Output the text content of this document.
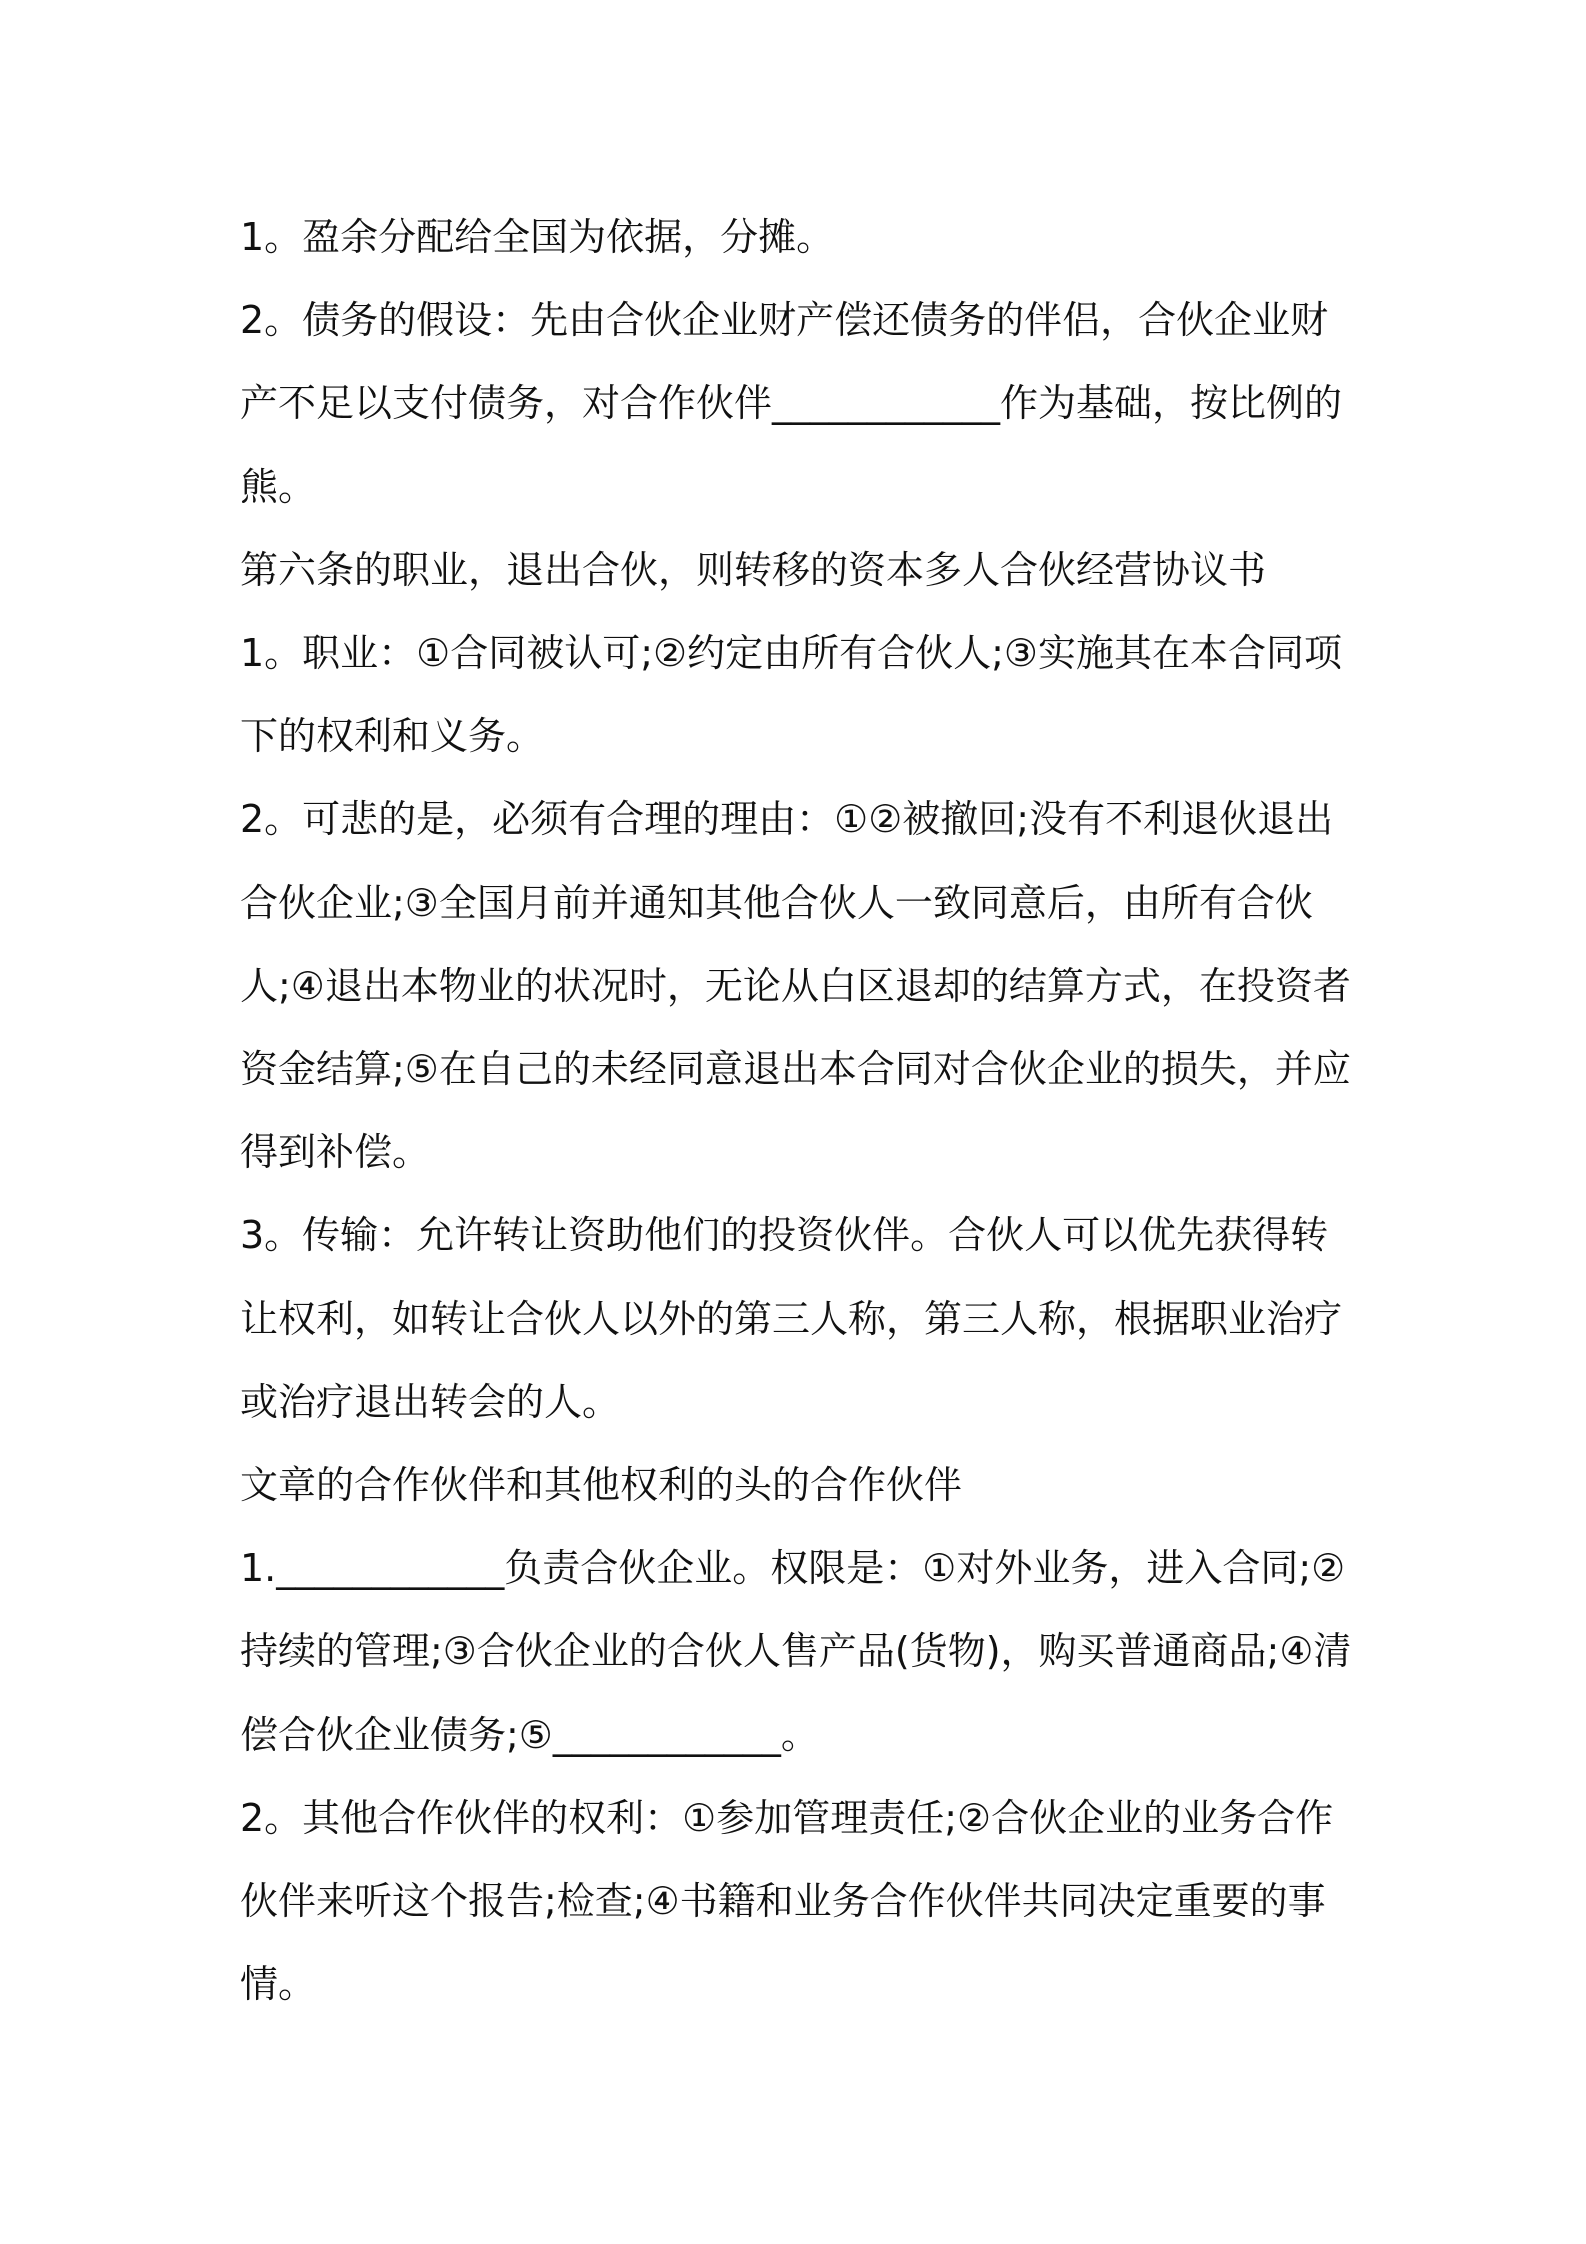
1。盈余分配给全国为依据，分摊。

2。债务的假设：先由合伙企业财产偿还债务的伴侣，合伙企业财产不足以支付债务，对合作伙伴____________作为基础，按比例的熊。

第六条的职业，退出合伙，则转移的资本多人合伙经营协议书

1。职业：①合同被认可;②约定由所有合伙人;③实施其在本合同项下的权利和义务。

2。可悲的是，必须有合理的理由：①②被撤回;没有不利退伙退出合伙企业;③全国月前并通知其他合伙人一致同意后，由所有合伙人;④退出本物业的状况时，无论从白区退却的结算方式，在投资者资金结算;⑤在自己的未经同意退出本合同对合伙企业的损失，并应得到补偿。

3。传输：允许转让资助他们的投资伙伴。合伙人可以优先获得转让权利，如转让合伙人以外的第三人称，第三人称，根据职业治疗或治疗退出转会的人。

文章的合作伙伴和其他权利的头的合作伙伴

1.____________负责合伙企业。权限是：①对外业务，进入合同;②持续的管理;③合伙企业的合伙人售产品(货物)，购买普通商品;④清偿合伙企业债务;⑤____________。

2。其他合作伙伴的权利：①参加管理责任;②合伙企业的业务合作伙伴来听这个报告;检查;④书籍和业务合作伙伴共同决定重要的事情。
